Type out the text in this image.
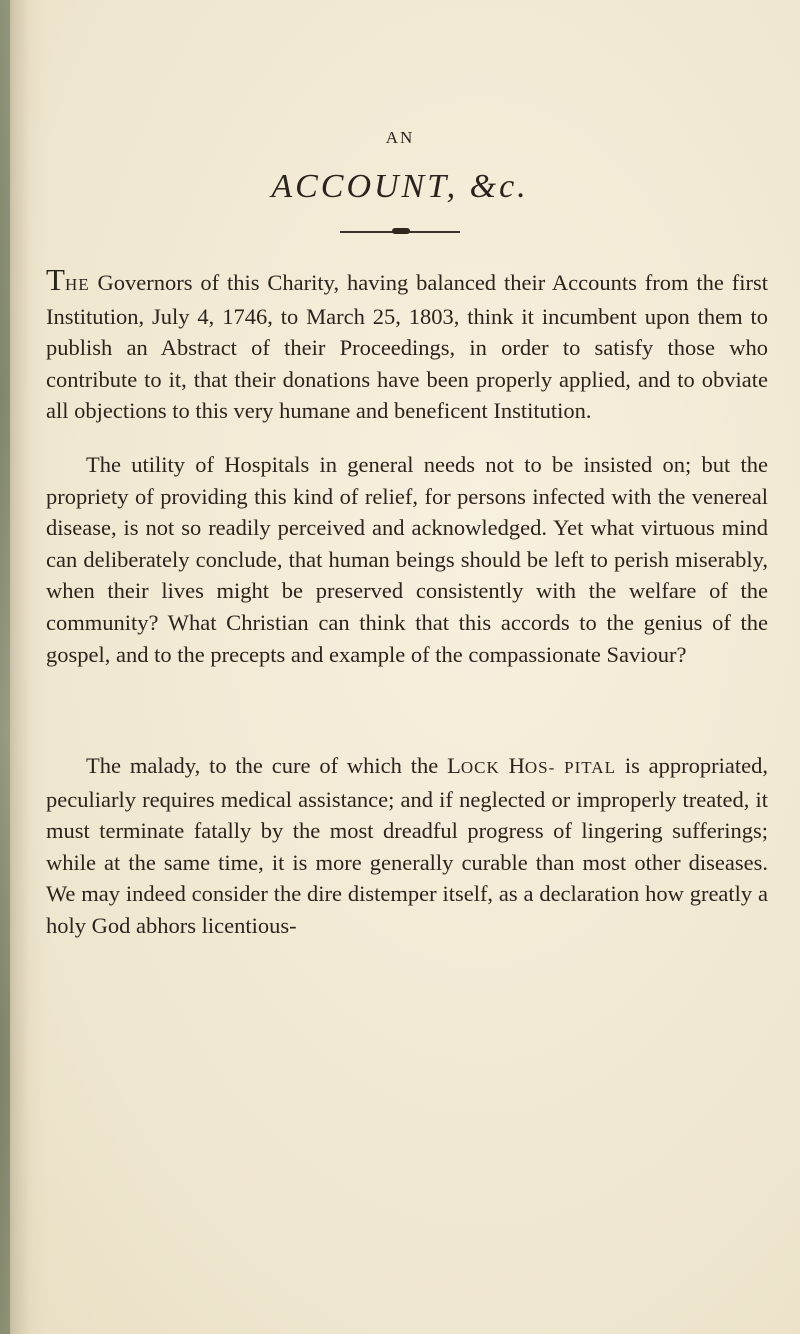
AN
ACCOUNT, &c.

THE Governors of this Charity, having balanced their Accounts from the first Institution, July 4, 1746, to March 25, 1803, think it incumbent upon them to publish an Abstract of their Proceedings, in order to satisfy those who contribute to it, that their donations have been properly applied, and to obviate all objections to this very humane and beneficent Institution.

The utility of Hospitals in general needs not to be insisted on; but the propriety of providing this kind of relief, for persons infected with the venereal disease, is not so readily perceived and acknowledged. Yet what virtuous mind can deliberately conclude, that human beings should be left to perish miserably, when their lives might be preserved consistently with the welfare of the community? What Christian can think that this accords to the genius of the gospel, and to the precepts and example of the compassionate Saviour?

The malady, to the cure of which the LOCK HOS- PITAL is appropriated, peculiarly requires medical assistance; and if neglected or improperly treated, it must terminate fatally by the most dreadful progress of lingering sufferings; while at the same time, it is more generally curable than most other diseases. We may indeed consider the dire distemper itself, as a declaration how greatly a holy God abhors licentious-
